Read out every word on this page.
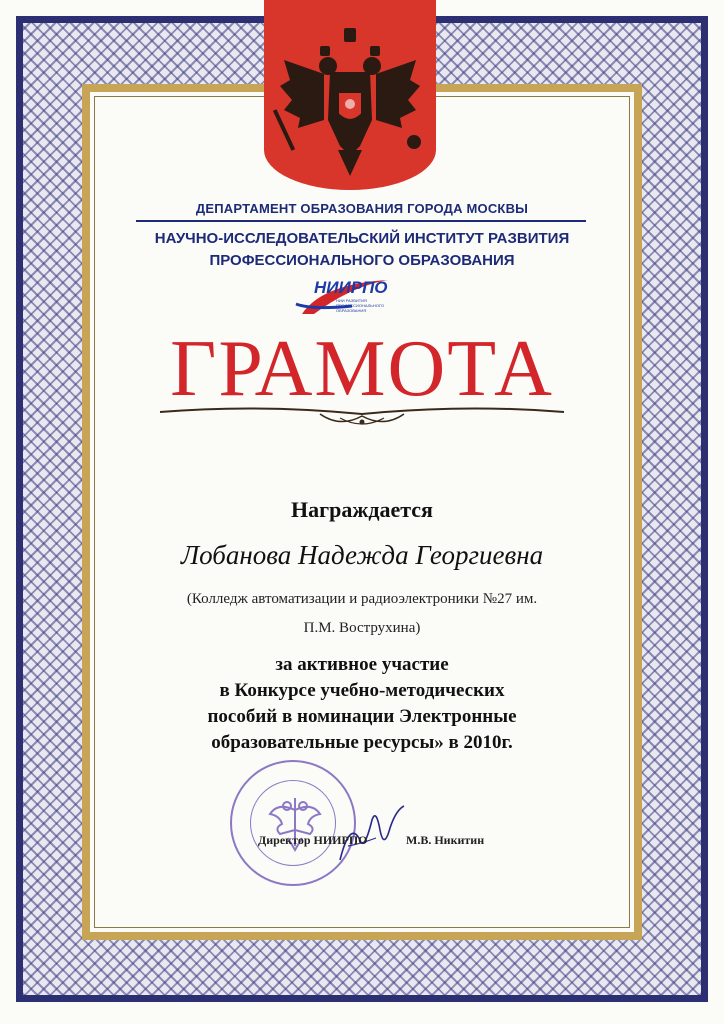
ДЕПАРТАМЕНТ ОБРАЗОВАНИЯ ГОРОДА МОСКВЫ
НАУЧНО-ИССЛЕДОВАТЕЛЬСКИЙ ИНСТИТУТ РАЗВИТИЯ
ПРОФЕССИОНАЛЬНОГО ОБРАЗОВАНИЯ
НИИРПО
НИИ РАЗВИТИЯ ПРОФЕССИОНАЛЬНОГО ОБРАЗОВАНИЯ
ГРАМОТА
Награждается
Лобанова Надежда Георгиевна
(Колледж автоматизации и радиоэлектроники №27 им.
П.М. Вострухина)
за активное участие
в Конкурсе учебно-методических
пособий в номинации Электронные
образовательные ресурсы» в 2010г.
Директор НИИРПО	М.В. Никитин
